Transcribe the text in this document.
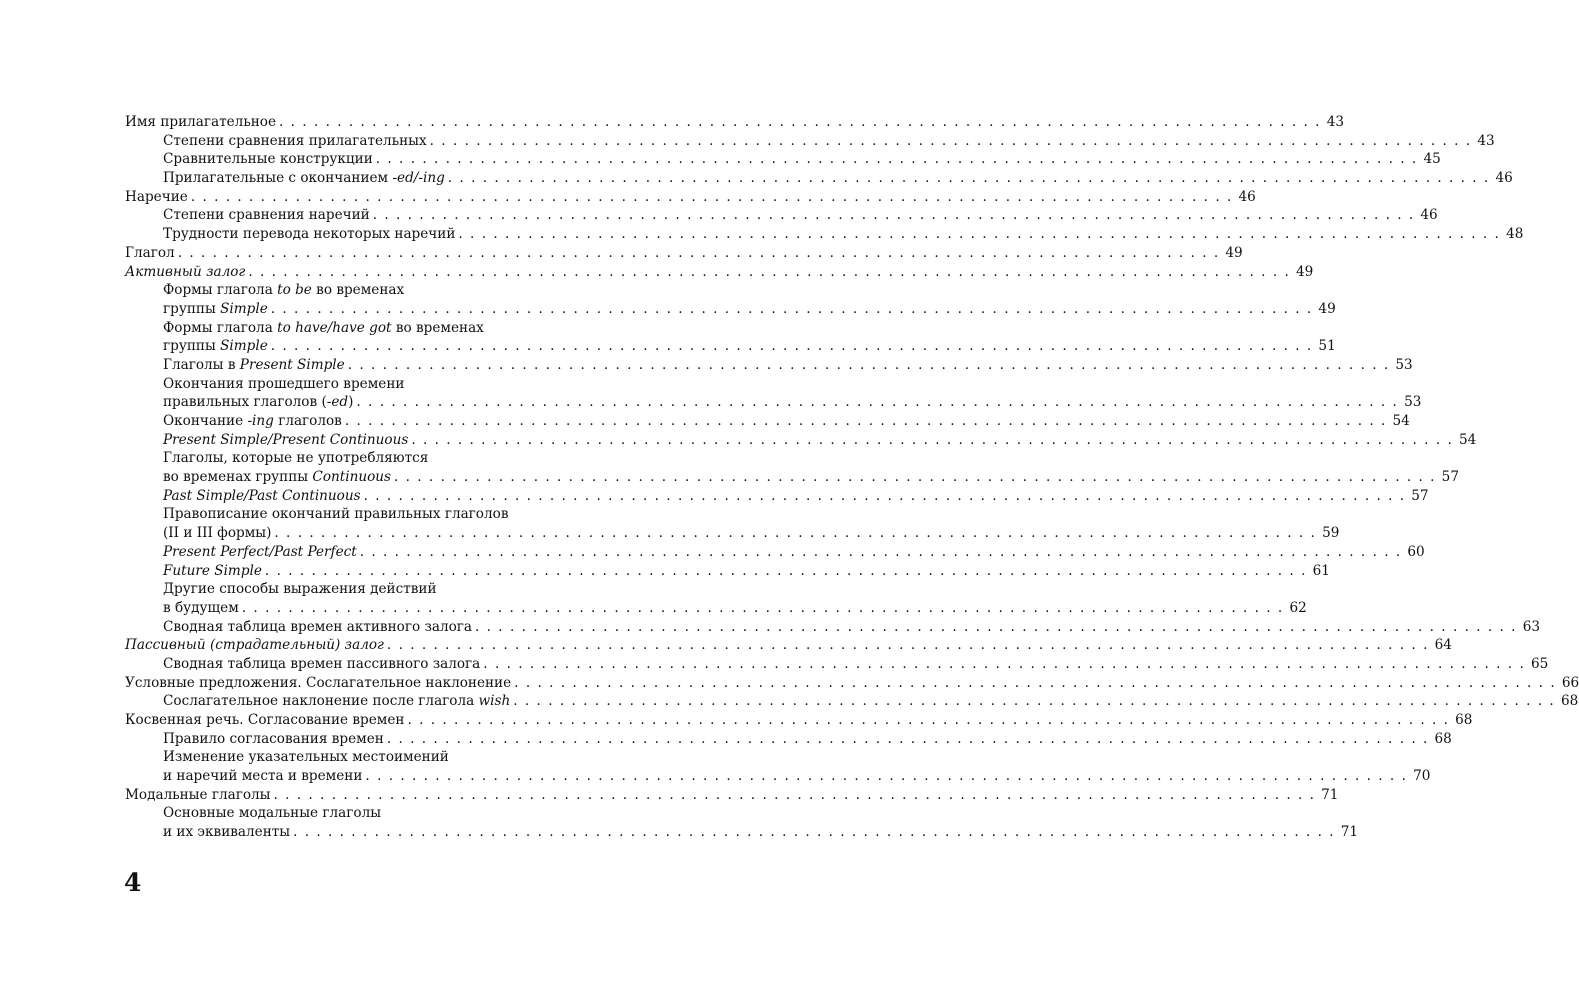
Имя прилагательное . . . . . . . . . . . . . . . . . . . . . . . . . . . . . . . . . . . . . . . . . . . . . . . . . . . . . . . . . . . . . . . . . . . . . . . . . . . . . . . . . . . . . . . . . . 43
Степени сравнения прилагательных . . . . . . . . . . . . . . . . . . . . . . . . . . . . . . . . . . . . . . . . . . . . . . . . . . . . . . . . . . . . . . . . . . . . . . . . . . . . . . . . . . . . . . . . . . 43
Сравнительные конструкции . . . . . . . . . . . . . . . . . . . . . . . . . . . . . . . . . . . . . . . . . . . . . . . . . . . . . . . . . . . . . . . . . . . . . . . . . . . . . . . . . . . . . . . . . . 45
Прилагательные с окончанием -ed/-ing . . . . . . . . . . . . . . . . . . . . . . . . . . . . . . . . . . . . . . . . . . . . . . . . . . . . . . . . . . . . . . . . . . . . . . . . . . . . . . . . . . . . . . . . . . 46
Наречие . . . . . . . . . . . . . . . . . . . . . . . . . . . . . . . . . . . . . . . . . . . . . . . . . . . . . . . . . . . . . . . . . . . . . . . . . . . . . . . . . . . . . . . . . . 46
Степени сравнения наречий . . . . . . . . . . . . . . . . . . . . . . . . . . . . . . . . . . . . . . . . . . . . . . . . . . . . . . . . . . . . . . . . . . . . . . . . . . . . . . . . . . . . . . . . . . 46
Трудности перевода некоторых наречий . . . . . . . . . . . . . . . . . . . . . . . . . . . . . . . . . . . . . . . . . . . . . . . . . . . . . . . . . . . . . . . . . . . . . . . . . . . . . . . . . . . . . . . . . . 48
Глагол . . . . . . . . . . . . . . . . . . . . . . . . . . . . . . . . . . . . . . . . . . . . . . . . . . . . . . . . . . . . . . . . . . . . . . . . . . . . . . . . . . . . . . . . . . 49
Активный залог . . . . . . . . . . . . . . . . . . . . . . . . . . . . . . . . . . . . . . . . . . . . . . . . . . . . . . . . . . . . . . . . . . . . . . . . . . . . . . . . . . . . . . . . . . 49
Формы глагола to be во временах
группы Simple . . . . . . . . . . . . . . . . . . . . . . . . . . . . . . . . . . . . . . . . . . . . . . . . . . . . . . . . . . . . . . . . . . . . . . . . . . . . . . . . . . . . . . . . . . 49
Формы глагола to have/have got во временах
группы Simple . . . . . . . . . . . . . . . . . . . . . . . . . . . . . . . . . . . . . . . . . . . . . . . . . . . . . . . . . . . . . . . . . . . . . . . . . . . . . . . . . . . . . . . . . . 51
Глаголы в Present Simple . . . . . . . . . . . . . . . . . . . . . . . . . . . . . . . . . . . . . . . . . . . . . . . . . . . . . . . . . . . . . . . . . . . . . . . . . . . . . . . . . . . . . . . . . . 53
Окончания прошедшего времени
правильных глаголов (-ed) . . . . . . . . . . . . . . . . . . . . . . . . . . . . . . . . . . . . . . . . . . . . . . . . . . . . . . . . . . . . . . . . . . . . . . . . . . . . . . . . . . . . . . . . . . 53
Окончание -ing глаголов . . . . . . . . . . . . . . . . . . . . . . . . . . . . . . . . . . . . . . . . . . . . . . . . . . . . . . . . . . . . . . . . . . . . . . . . . . . . . . . . . . . . . . . . . . 54
Present Simple/Present Continuous . . . . . . . . . . . . . . . . . . . . . . . . . . . . . . . . . . . . . . . . . . . . . . . . . . . . . . . . . . . . . . . . . . . . . . . . . . . . . . . . . . . . . . . . . . 54
Глаголы, которые не употребляются
во временах группы Continuous . . . . . . . . . . . . . . . . . . . . . . . . . . . . . . . . . . . . . . . . . . . . . . . . . . . . . . . . . . . . . . . . . . . . . . . . . . . . . . . . . . . . . . . . . . 57
Past Simple/Past Continuous . . . . . . . . . . . . . . . . . . . . . . . . . . . . . . . . . . . . . . . . . . . . . . . . . . . . . . . . . . . . . . . . . . . . . . . . . . . . . . . . . . . . . . . . . . 57
Правописание окончаний правильных глаголов
(II и III формы) . . . . . . . . . . . . . . . . . . . . . . . . . . . . . . . . . . . . . . . . . . . . . . . . . . . . . . . . . . . . . . . . . . . . . . . . . . . . . . . . . . . . . . . . . . 59
Present Perfect/Past Perfect . . . . . . . . . . . . . . . . . . . . . . . . . . . . . . . . . . . . . . . . . . . . . . . . . . . . . . . . . . . . . . . . . . . . . . . . . . . . . . . . . . . . . . . . . . 60
Future Simple . . . . . . . . . . . . . . . . . . . . . . . . . . . . . . . . . . . . . . . . . . . . . . . . . . . . . . . . . . . . . . . . . . . . . . . . . . . . . . . . . . . . . . . . . . 61
Другие способы выражения действий
в будущем . . . . . . . . . . . . . . . . . . . . . . . . . . . . . . . . . . . . . . . . . . . . . . . . . . . . . . . . . . . . . . . . . . . . . . . . . . . . . . . . . . . . . . . . . . 62
Сводная таблица времен активного залога . . . . . . . . . . . . . . . . . . . . . . . . . . . . . . . . . . . . . . . . . . . . . . . . . . . . . . . . . . . . . . . . . . . . . . . . . . . . . . . . . . . . . . . . . . 63
Пассивный (страдательный) залог . . . . . . . . . . . . . . . . . . . . . . . . . . . . . . . . . . . . . . . . . . . . . . . . . . . . . . . . . . . . . . . . . . . . . . . . . . . . . . . . . . . . . . . . . . 64
Сводная таблица времен пассивного залога . . . . . . . . . . . . . . . . . . . . . . . . . . . . . . . . . . . . . . . . . . . . . . . . . . . . . . . . . . . . . . . . . . . . . . . . . . . . . . . . . . . . . . . . . . 65
Условные предложения. Сослагательное наклонение . . . . . . . . . . . . . . . . . . . . . . . . . . . . . . . . . . . . . . . . . . . . . . . . . . . . . . . . . . . . . . . . . . . . . . . . . . . . . . . . . . . . . . . . . . 66
Сослагательное наклонение после глагола wish . . . . . . . . . . . . . . . . . . . . . . . . . . . . . . . . . . . . . . . . . . . . . . . . . . . . . . . . . . . . . . . . . . . . . . . . . . . . . . . . . . . . . . . . . . 68
Косвенная речь. Согласование времен . . . . . . . . . . . . . . . . . . . . . . . . . . . . . . . . . . . . . . . . . . . . . . . . . . . . . . . . . . . . . . . . . . . . . . . . . . . . . . . . . . . . . . . . . . 68
Правило согласования времен . . . . . . . . . . . . . . . . . . . . . . . . . . . . . . . . . . . . . . . . . . . . . . . . . . . . . . . . . . . . . . . . . . . . . . . . . . . . . . . . . . . . . . . . . . 68
Изменение указательных местоимений
и наречий места и времени . . . . . . . . . . . . . . . . . . . . . . . . . . . . . . . . . . . . . . . . . . . . . . . . . . . . . . . . . . . . . . . . . . . . . . . . . . . . . . . . . . . . . . . . . . 70
Модальные глаголы . . . . . . . . . . . . . . . . . . . . . . . . . . . . . . . . . . . . . . . . . . . . . . . . . . . . . . . . . . . . . . . . . . . . . . . . . . . . . . . . . . . . . . . . . . 71
Основные модальные глаголы
и их эквиваленты . . . . . . . . . . . . . . . . . . . . . . . . . . . . . . . . . . . . . . . . . . . . . . . . . . . . . . . . . . . . . . . . . . . . . . . . . . . . . . . . . . . . . . . . . . 71
4
